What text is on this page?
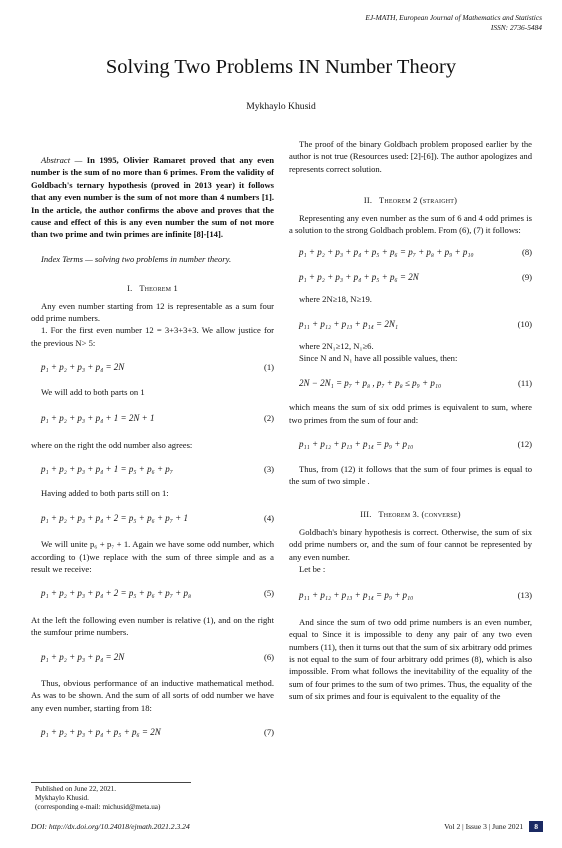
EJ-MATH, European Journal of Mathematics and Statistics
ISSN: 2736-5484
Solving Two Problems IN Number Theory
Mykhaylo Khusid

Abstract — In 1995, Olivier Ramaret proved that any even number is the sum of no more than 6 primes. From the validity of Goldbach's ternary hypothesis (proved in 2013 year) it follows that any even number is the sum of not more than 4 numbers [1]. In the article, the author confirms the above and proves that the cause and effect of this is any even number the sum of not more than two prime and twin primes are infinite [8]-[14].

Index Terms — solving two problems in number theory.

I. Theorem 1

Any even number starting from 12 is representable as a sum four odd prime numbers.

1. For the first even number 12 = 3+3+3+3. We allow justice for the previous N> 5:

p₁ + p₂ + p₃ + p₄ = 2N	(1)

We will add to both parts on 1

p₁ + p₂ + p₃ + p₄ + 1 = 2N + 1	(2)

where on the right the odd number also agrees:

p₁ + p₂ + p₃ + p₄ + 1 = p₅ + p₆ + p₇	(3)

Having added to both parts still on 1:

p₁ + p₂ + p₃ + p₄ + 2 = p₅ + p₆ + p₇ + 1	(4)

We will unite p₆ + p₇ + 1. Again we have some odd number, which according to (1)we replace with the sum of three simple and as a result we receive:

p₁ + p₂ + p₃ + p₄ + 2 = p₅ + p₆ + p₇ + p₈	(5)

At the left the following even number is relative (1), and on the right the sumfour prime numbers.

p₁ + p₂ + p₃ + p₄ = 2N	(6)

Thus, obvious performance of an inductive mathematical method. As was to be shown. And the sum of all sorts of odd number we have any even number, starting from 18:

p₁ + p₂ + p₃ + p₄ + p₅ + p₆ = 2N	(7)

The proof of the binary Goldbach problem proposed earlier by the author is not true (Resources used: [2]-[6]). The author apologizes and represents correct solution.

II. Theorem 2 (straight)

Representing any even number as the sum of 6 and 4 odd primes is a solution to the strong Goldbach problem. From (6), (7) it follows:

p₁ + p₂ + p₃ + p₄ + p₅ + p₆ = p₇ + p₈ + p₉ + p₁₀	(8)
p₁ + p₂ + p₃ + p₄ + p₅ + p₆ = 2N	(9)

where 2N≥18, N≥19.

p₁₁ + p₁₂ + p₁₃ + p₁₄ = 2N₁	(10)

where 2N₁≥12, N₁≥6.

Since N and N₁ have all possible values, then:

2N − 2N₁ = p₇ + p₈ , p₇ + p₈ ≤ p₉ + p₁₀	(11)

which means the sum of six odd primes is equivalent to sum, where two primes from the sum of four and:

p₁₁ + p₁₂ + p₁₃ + p₁₄ = p₉ + p₁₀	(12)

Thus, from (12) it follows that the sum of four primes is equal to the sum of two simple .

III. Theorem 3. (converse)

Goldbach's binary hypothesis is correct. Otherwise, the sum of six odd prime numbers or, and the sum of four cannot be represented by any even number.

Let be :

p₁₁ + p₁₂ + p₁₃ + p₁₄ = p₉ + p₁₀	(13)

And since the sum of two odd prime numbers is an even number, equal to Since it is impossible to deny any pair of any two even numbers (11), then it turns out that the sum of six arbitrary odd primes is not equal to the sum of four arbitrary odd primes (8), which is also impossible. From what follows the inevitability of the equality of the sum of four primes to the sum of two primes. Thus, the equality of the sum of six primes and four is equivalent to the equality of the

Published on June 22, 2021.
Mykhaylo Khusid.
(corresponding e-mail: michusid@meta.ua)
DOI: http://dx.doi.org/10.24018/ejmath.2021.2.3.24	Vol 2 | Issue 3 | June 2021	8
